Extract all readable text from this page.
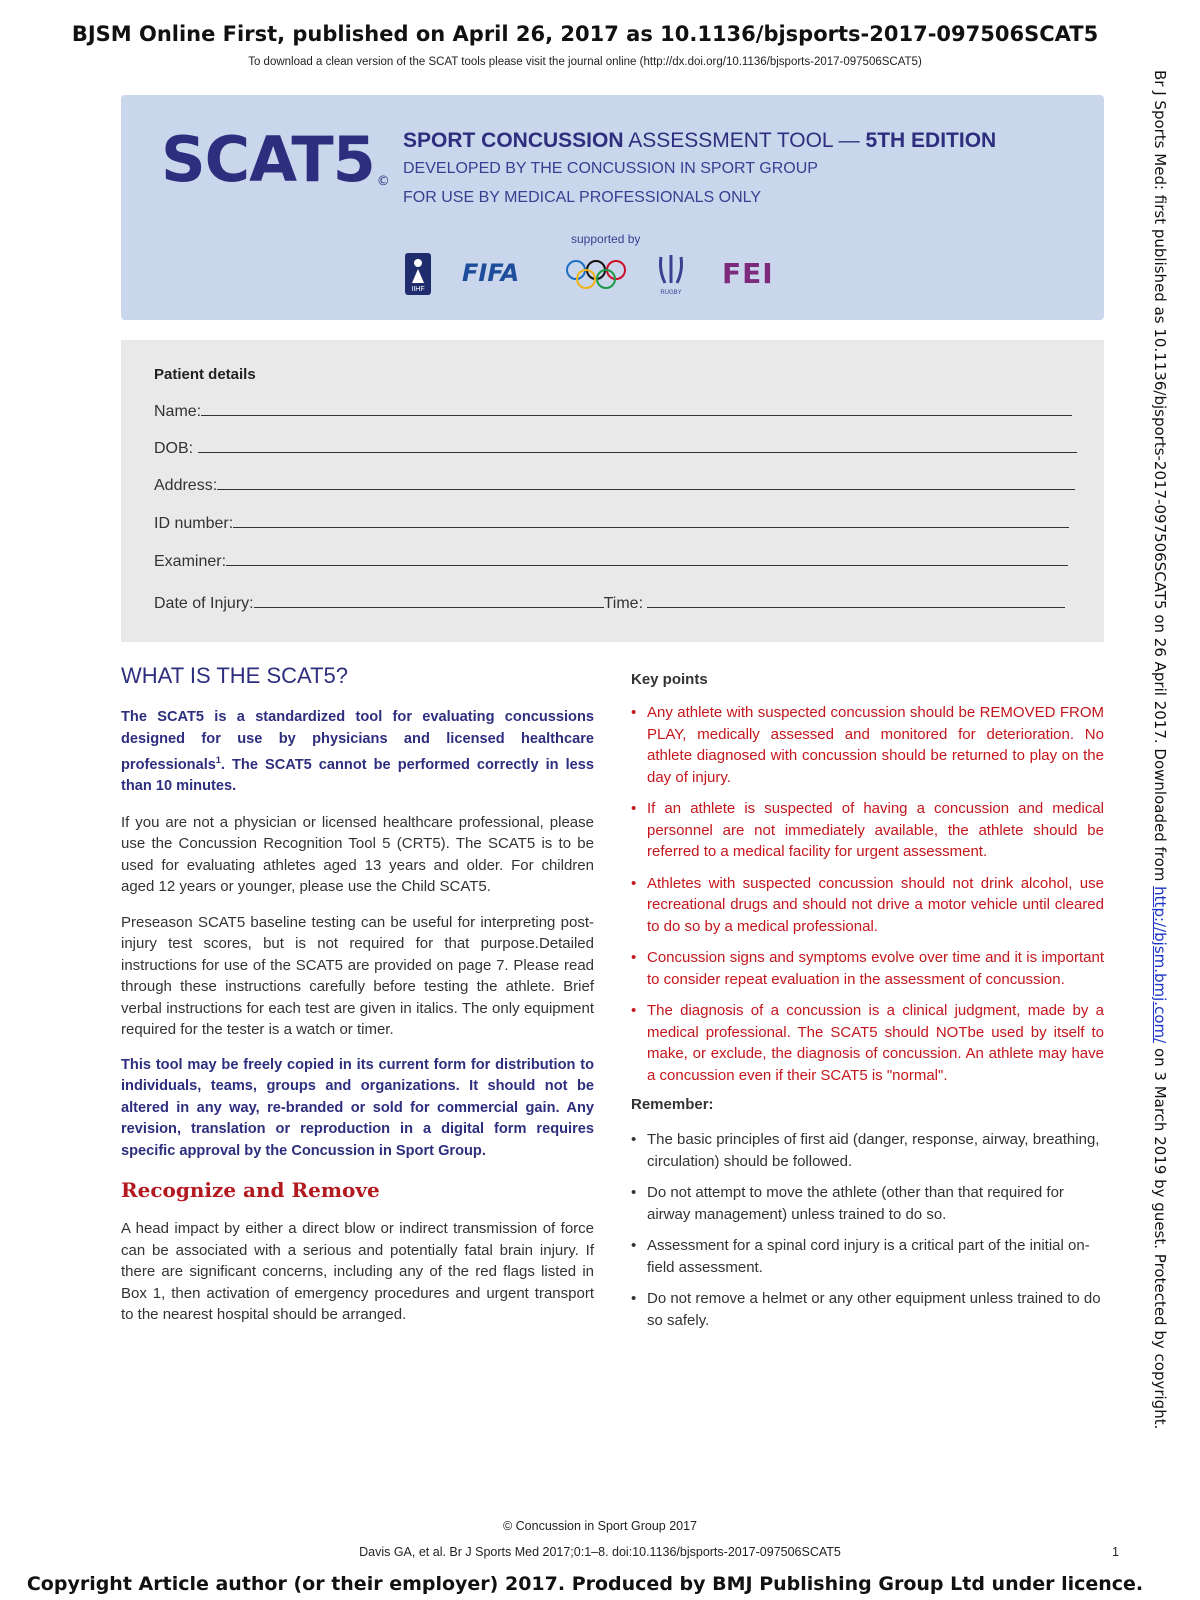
BJSM Online First, published on April 26, 2017 as 10.1136/bjsports-2017-097506SCAT5
To download a clean version of the SCAT tools please visit the journal online (http://dx.doi.org/10.1136/bjsports-2017-097506SCAT5)
Br J Sports Med: first published as 10.1136/bjsports-2017-097506SCAT5 on 26 April 2017. Downloaded from http://bjsm.bmj.com/ on 3 March 2019 by guest. Protected by copyright.
SCAT5 ©
SPORT CONCUSSION ASSESSMENT TOOL — 5TH EDITION
DEVELOPED BY THE CONCUSSION IN SPORT GROUP
FOR USE BY MEDICAL PROFESSIONALS ONLY
supported by
IIHF
FIFA
RUGBY
FEI
Patient details
Name:
DOB:
Address:
ID number:
Examiner:
Date of Injury:	Time:
WHAT IS THE SCAT5?

The SCAT5 is a standardized tool for evaluating concussions designed for use by physicians and licensed healthcare professionals$^1$. The SCAT5 cannot be performed correctly in less than 10 minutes.

If you are not a physician or licensed healthcare professional, please use the Concussion Recognition Tool 5 (CRT5). The SCAT5 is to be used for evaluating athletes aged 13 years and older. For children aged 12 years or younger, please use the Child SCAT5.

Preseason SCAT5 baseline testing can be useful for interpreting post-injury test scores, but is not required for that purpose.Detailed instructions for use of the SCAT5 are provided on page 7. Please read through these instructions carefully before testing the athlete. Brief verbal instructions for each test are given in italics. The only equipment required for the tester is a watch or timer.

This tool may be freely copied in its current form for distribution to individuals, teams, groups and organizations. It should not be altered in any way, re-branded or sold for commercial gain. Any revision, translation or reproduction in a digital form requires specific approval by the Concussion in Sport Group.

Recognize and Remove

A head impact by either a direct blow or indirect transmission of force can be associated with a serious and potentially fatal brain injury. If there are significant concerns, including any of the red flags listed in Box 1, then activation of emergency procedures and urgent transport to the nearest hospital should be arranged.

Key points
• Any athlete with suspected concussion should be REMOVED FROM PLAY, medically assessed and monitored for deterioration. No athlete diagnosed with concussion should be returned to play on the day of injury.
• If an athlete is suspected of having a concussion and medical personnel are not immediately available, the athlete should be referred to a medical facility for urgent assessment.
• Athletes with suspected concussion should not drink alcohol, use recreational drugs and should not drive a motor vehicle until cleared to do so by a medical professional.
• Concussion signs and symptoms evolve over time and it is important to consider repeat evaluation in the assessment of concussion.
• The diagnosis of a concussion is a clinical judgment, made by a medical professional. The SCAT5 should NOTbe used by itself to make, or exclude, the diagnosis of concussion. An athlete may have a concussion even if their SCAT5 is "normal".
Remember:
• The basic principles of first aid (danger, response, airway, breathing, circulation) should be followed.
• Do not attempt to move the athlete (other than that required for airway management) unless trained to do so.
• Assessment for a spinal cord injury is a critical part of the initial on-field assessment.
• Do not remove a helmet or any other equipment unless trained to do so safely.
© Concussion in Sport Group 2017
Davis GA, et al. Br J Sports Med 2017;0:1–8. doi:10.1136/bjsports-2017-097506SCAT5	1
Copyright Article author (or their employer) 2017. Produced by BMJ Publishing Group Ltd under licence.
